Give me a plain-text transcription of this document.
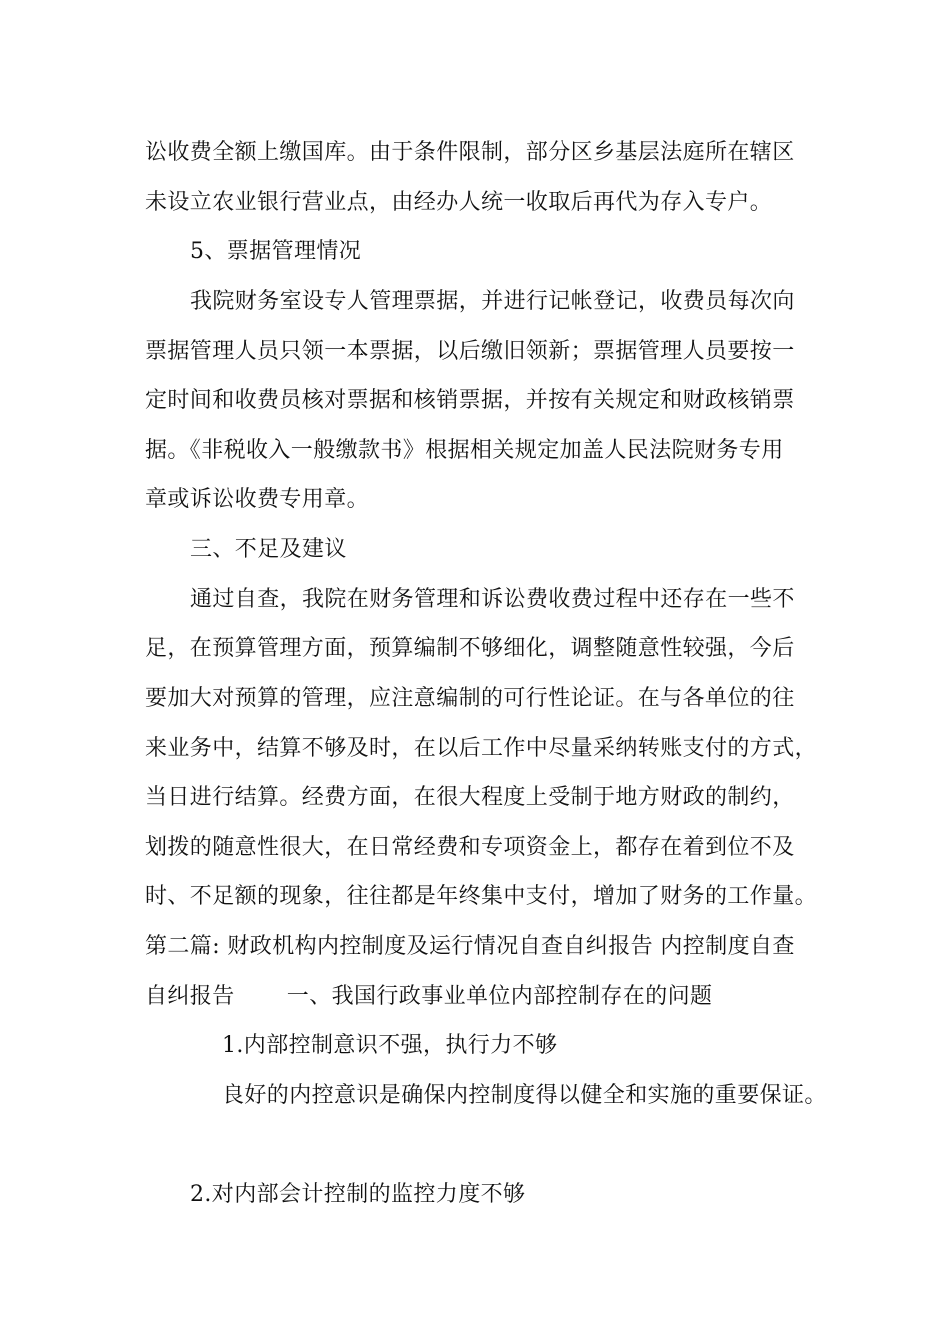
讼收费全额上缴国库。由于条件限制，部分区乡基层法庭所在辖区
未设立农业银行营业点，由经办人统一收取后再代为存入专户。
5、票据管理情况
我院财务室设专人管理票据，并进行记帐登记，收费员每次向
票据管理人员只领一本票据，以后缴旧领新；票据管理人员要按一
定时间和收费员核对票据和核销票据，并按有关规定和财政核销票
据。《非税收入一般缴款书》根据相关规定加盖人民法院财务专用
章或诉讼收费专用章。
三、不足及建议
通过自查，我院在财务管理和诉讼费收费过程中还存在一些不
足，在预算管理方面，预算编制不够细化，调整随意性较强，今后
要加大对预算的管理，应注意编制的可行性论证。在与各单位的往
来业务中，结算不够及时，在以后工作中尽量采纳转账支付的方式，
当日进行结算。经费方面，在很大程度上受制于地方财政的制约，
划拨的随意性很大，在日常经费和专项资金上，都存在着到位不及
时、不足额的现象，往往都是年终集中支付，增加了财务的工作量。
第二篇: 财政机构内控制度及运行情况自查自纠报告 内控制度自查
自纠报告　　 一、我国行政事业单位内部控制存在的问题
1.内部控制意识不强，执行力不够
良好的内控意识是确保内控制度得以健全和实施的重要保证。
2.对内部会计控制的监控力度不够
